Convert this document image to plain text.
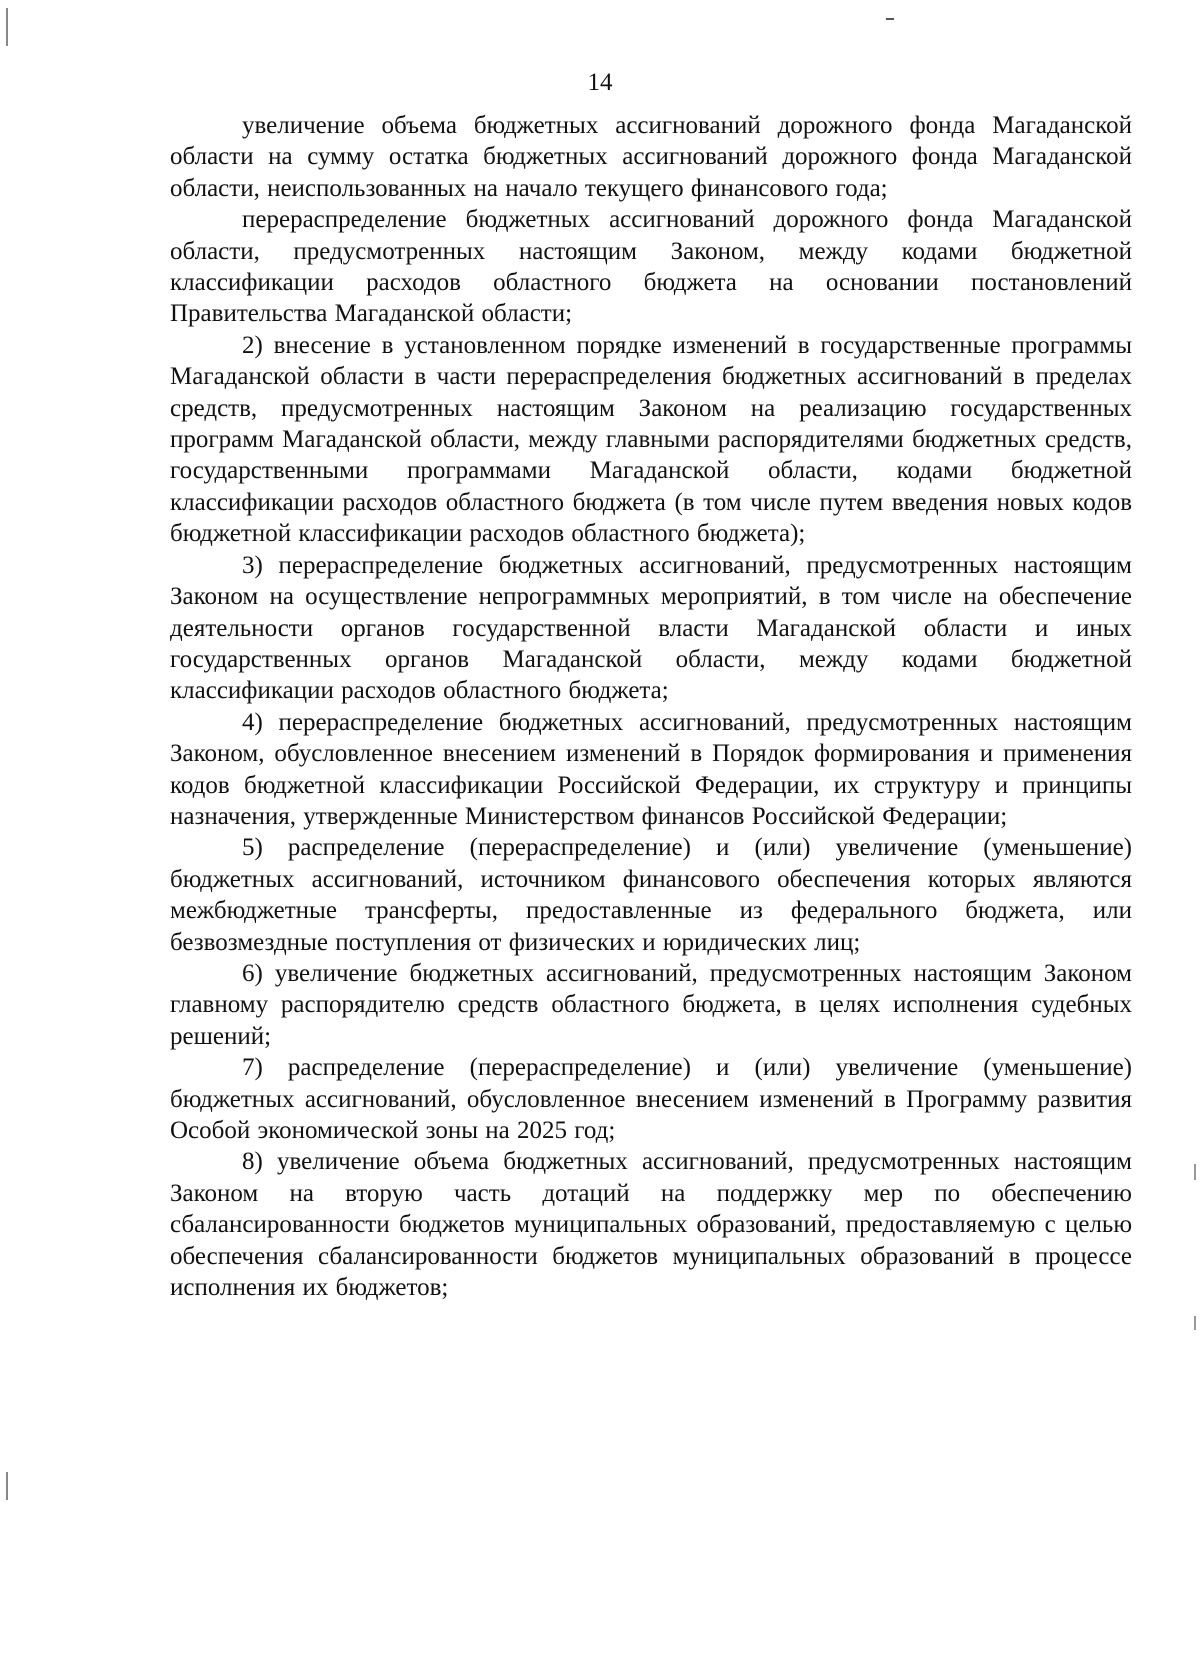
14

увеличение объема бюджетных ассигнований дорожного фонда Магаданской области на сумму остатка бюджетных ассигнований дорожного фонда Магаданской области, неиспользованных на начало текущего финансового года;

перераспределение бюджетных ассигнований дорожного фонда Магаданской области, предусмотренных настоящим Законом, между кодами бюджетной классификации расходов областного бюджета на основании постановлений Правительства Магаданской области;

2) внесение в установленном порядке изменений в государственные программы Магаданской области в части перераспределения бюджетных ассигнований в пределах средств, предусмотренных настоящим Законом на реализацию государственных программ Магаданской области, между главными распорядителями бюджетных средств, государственными программами Магаданской области, кодами бюджетной классификации расходов областного бюджета (в том числе путем введения новых кодов бюджетной классификации расходов областного бюджета);

3) перераспределение бюджетных ассигнований, предусмотренных настоящим Законом на осуществление непрограммных мероприятий, в том числе на обеспечение деятельности органов государственной власти Магаданской области и иных государственных органов Магаданской области, между кодами бюджетной классификации расходов областного бюджета;

4) перераспределение бюджетных ассигнований, предусмотренных настоящим Законом, обусловленное внесением изменений в Порядок формирования и применения кодов бюджетной классификации Российской Федерации, их структуру и принципы назначения, утвержденные Министерством финансов Российской Федерации;

5) распределение (перераспределение) и (или) увеличение (уменьшение) бюджетных ассигнований, источником финансового обеспечения которых являются межбюджетные трансферты, предоставленные из федерального бюджета, или безвозмездные поступления от физических и юридических лиц;

6) увеличение бюджетных ассигнований, предусмотренных настоящим Законом главному распорядителю средств областного бюджета, в целях исполнения судебных решений;

7) распределение (перераспределение) и (или) увеличение (уменьшение) бюджетных ассигнований, обусловленное внесением изменений в Программу развития Особой экономической зоны на 2025 год;

8) увеличение объема бюджетных ассигнований, предусмотренных настоящим Законом на вторую часть дотаций на поддержку мер по обеспечению сбалансированности бюджетов муниципальных образований, предоставляемую с целью обеспечения сбалансированности бюджетов муниципальных образований в процессе исполнения их бюджетов;
